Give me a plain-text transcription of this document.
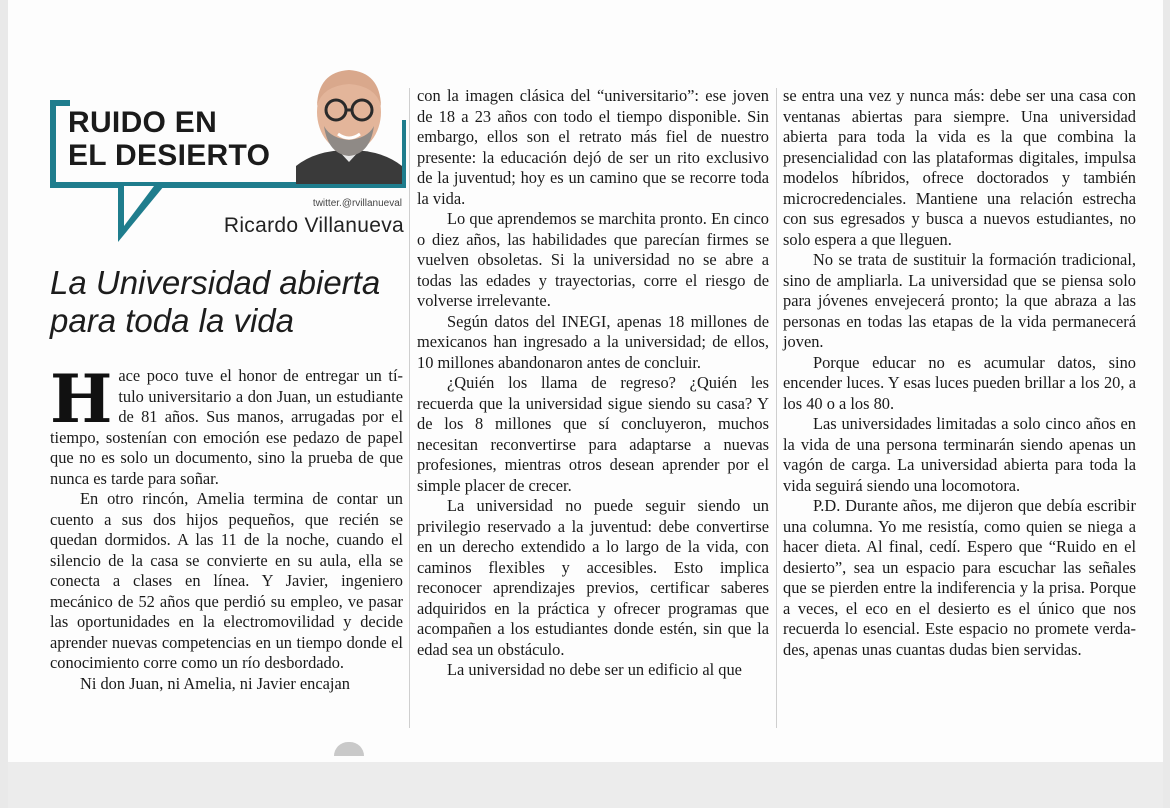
RUIDO EN
EL DESIERTO
twitter.@rvillanueval
Ricardo Villanueva
La Universidad abierta
para toda la vida

Hace poco tuve el honor de entregar un título universitario a don Juan, un estudiante de 81 años. Sus manos, arrugadas por el tiempo, sostenían con emoción ese pedazo de papel que no es solo un documento, sino la prueba de que nunca es tarde para soñar.

En otro rincón, Amelia termina de contar un cuento a sus dos hijos pequeños, que recién se quedan dormidos. A las 11 de la noche, cuando el silencio de la casa se convierte en su aula, ella se conecta a clases en línea. Y Javier, ingeniero mecánico de 52 años que perdió su empleo, ve pasar las oportunidades en la electromovilidad y decide aprender nuevas competencias en un tiempo donde el conocimiento corre como un río desbordado.

Ni don Juan, ni Amelia, ni Javier encajan

con la imagen clásica del “universitario”: ese joven de 18 a 23 años con todo el tiempo disponible. Sin embargo, ellos son el retrato más fiel de nuestro presente: la educación dejó de ser un rito exclusivo de la juventud; hoy es un camino que se recorre toda la vida.

Lo que aprendemos se marchita pronto. En cinco o diez años, las habilidades que parecían firmes se vuelven obsoletas. Si la universidad no se abre a todas las edades y trayectorias, corre el riesgo de volverse irrelevante.

Según datos del INEGI, apenas 18 millones de mexicanos han ingresado a la universidad; de ellos, 10 millones abandonaron antes de concluir.

¿Quién los llama de regreso? ¿Quién les recuerda que la universidad sigue siendo su casa? Y de los 8 millones que sí concluyeron, muchos necesitan reconvertirse para adaptarse a nuevas profesiones, mientras otros desean aprender por el simple placer de crecer.

La universidad no puede seguir siendo un privilegio reservado a la juventud: debe convertirse en un derecho extendido a lo largo de la vida, con caminos flexibles y accesibles. Esto implica reconocer aprendizajes previos, certificar saberes adquiridos en la práctica y ofrecer programas que acompañen a los estudiantes donde estén, sin que la edad sea un obstáculo.

La universidad no debe ser un edificio al que

se entra una vez y nunca más: debe ser una casa con ventanas abiertas para siempre. Una universidad abierta para toda la vida es la que combina la presencialidad con las plataformas digitales, impulsa modelos híbridos, ofrece doctorados y también microcredenciales. Mantiene una relación estrecha con sus egresados y busca a nuevos estudiantes, no solo espera a que lleguen.

No se trata de sustituir la formación tradicional, sino de ampliarla. La universidad que se piensa solo para jóvenes envejecerá pronto; la que abraza a las personas en todas las etapas de la vida permanecerá joven.

Porque educar no es acumular datos, sino encender luces. Y esas luces pueden brillar a los 20, a los 40 o a los 80.

Las universidades limitadas a solo cinco años en la vida de una persona terminarán siendo apenas un vagón de carga. La universidad abierta para toda la vida seguirá siendo una locomotora.

P.D. Durante años, me dijeron que debía escribir una columna. Yo me resistía, como quien se niega a hacer dieta. Al final, cedí. Espero que “Ruido en el desierto”, sea un espacio para escuchar las señales que se pierden entre la indiferencia y la prisa. Porque a veces, el eco en el desierto es el único que nos recuerda lo esencial. Este espacio no promete verdades, apenas unas cuantas dudas bien servidas.
